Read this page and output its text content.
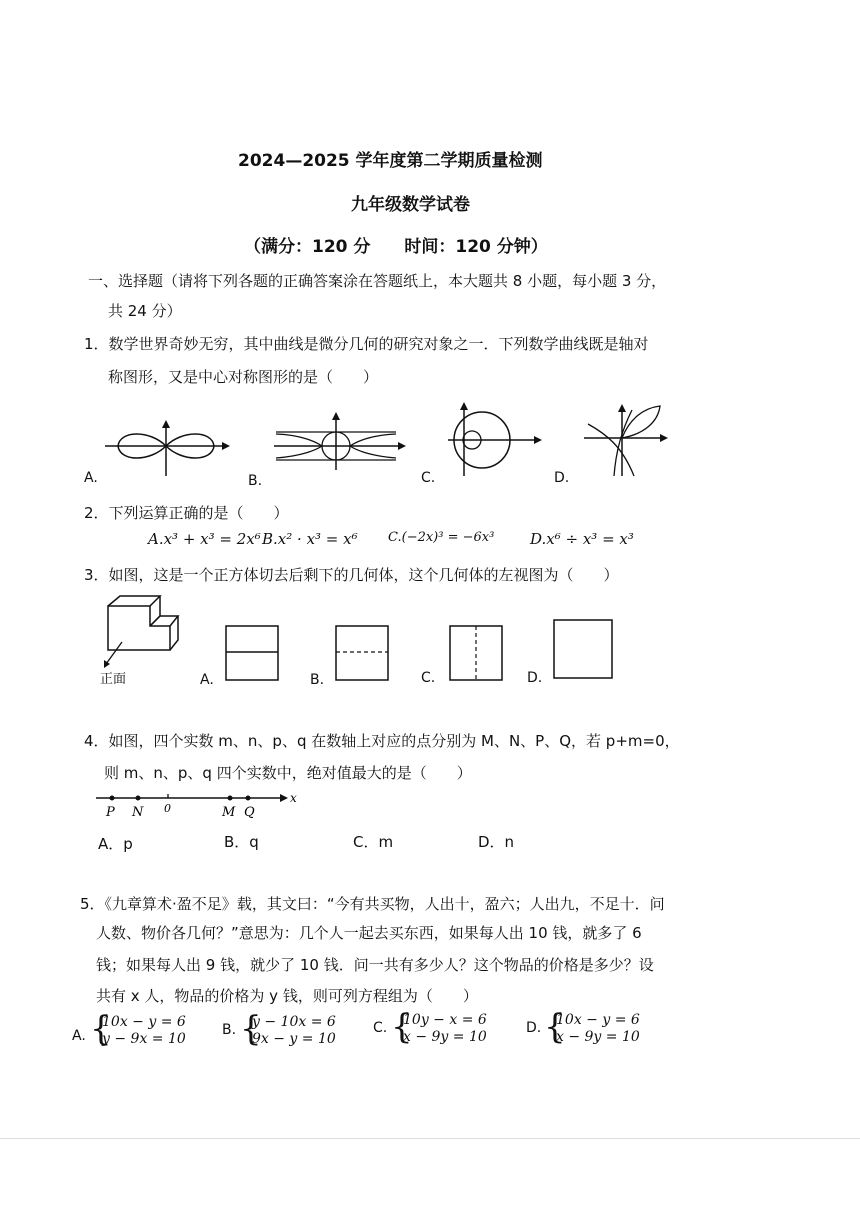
2024—2025 学年度第二学期质量检测
九年级数学试卷
（满分：120 分　　时间：120 分钟）
一、选择题（请将下列各题的正确答案涂在答题纸上，本大题共 8 小题，每小题 3 分，
共 24 分）
1．数学世界奇妙无穷，其中曲线是微分几何的研究对象之一．下列数学曲线既是轴对
称图形，又是中心对称图形的是（　　）
A.	B.	C.	D.
2．下列运算正确的是（　　）
A.x³ + x³ = 2x⁶ B.x² · x³ = x⁶ C.(−2x)³ = −6x³ D.x⁶ ÷ x³ = x³
3．如图，这是一个正方体切去后剩下的几何体，这个几何体的左视图为（　　）
正面	A.	B.	C.	D.
4．如图，四个实数 m、n、p、q 在数轴上对应的点分别为 M、N、P、Q，若 p+m=0，
则 m、n、p、q 四个实数中，绝对值最大的是（　　）
P N 0	M Q
x
A．p	B．q	C．m	D．n
5．《九章算术·盈不足》载，其文曰：“今有共买物，人出十，盈六；人出九，不足十．问
人数、物价各几何？”意思为：几个人一起去买东西，如果每人出 10 钱，就多了 6
钱；如果每人出 9 钱，就少了 10 钱．问一共有多少人？这个物品的价格是多少？设
共有 x 人，物品的价格为 y 钱，则可列方程组为（　　）
A. {
10x − y = 6
y − 9x = 10
B. {
y − 10x = 6
9x − y = 10
C. {
10y − x = 6
x − 9y = 10
D. {
10x − y = 6
x − 9y = 10
